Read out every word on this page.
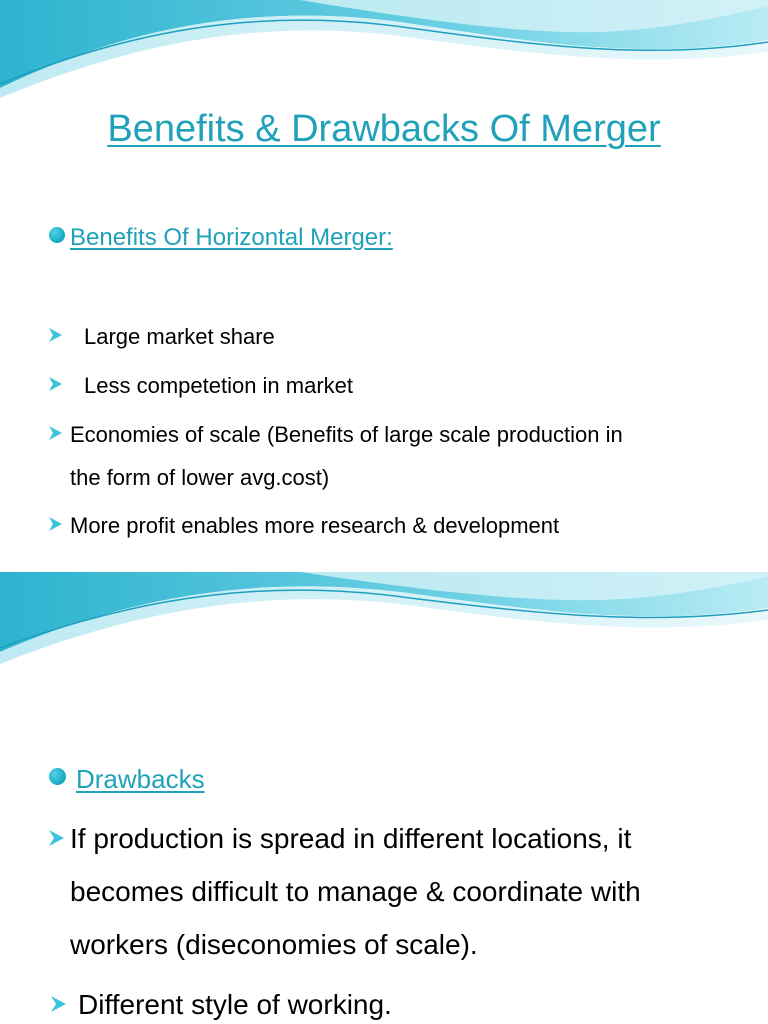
Benefits & Drawbacks Of Merger
Benefits Of Horizontal Merger:
Large market share
Less competetion in market
Economies of scale (Benefits of large scale production in
the form of lower avg.cost)
More profit enables more research & development
Drawbacks
If production is spread in different locations, it
becomes difficult to manage & coordinate with
workers (diseconomies of scale).
Different style of working.
